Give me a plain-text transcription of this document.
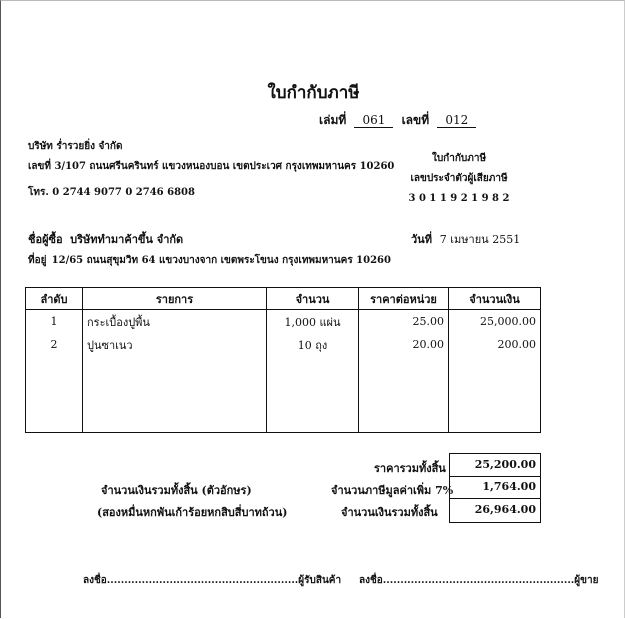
ใบกำกับภาษี
เล่มที่ 061 เลขที่ 012
บริษัท ร่ำรวยยิ่ง จำกัด
เลขที่ 3/107 ถนนศรีนครินทร์ แขวงหนองบอน เขตประเวศ กรุงเทพมหานคร 10260
โทร. 0 2744 9077 0 2746 6808
ใบกำกับภาษี
เลขประจำตัวผู้เสียภาษี
3 0 1 1 9 2 1 9 8 2
ชื่อผู้ซื้อ บริษัททำมาค้าขึ้น จำกัด	วันที่ 7 เมษายน 2551
ที่อยู่ 12/65 ถนนสุขุมวิท 64 แขวงบางจาก เขตพระโขนง กรุงเทพมหานคร 10260
ลำดับ	รายการ	จำนวน	ราคาต่อหน่วย	จำนวนเงิน
1	กระเบื้องปูพื้น	1,000 แผ่น	25.00	25,000.00
2	ปูนซาเนว	10 ถุง	20.00	200.00

ราคารวมทั้งสิ้น	25,200.00
จำนวนภาษีมูลค่าเพิ่ม 7%	1,764.00
จำนวนเงินรวมทั้งสิ้น	26,964.00
จำนวนเงินรวมทั้งสิ้น (ตัวอักษร)
(สองหมื่นหกพันเก้าร้อยหกสิบสี่บาทถ้วน)
ลงชื่อ.......................................................ผู้รับสินค้า ลงชื่อ.......................................................ผู้ขาย
